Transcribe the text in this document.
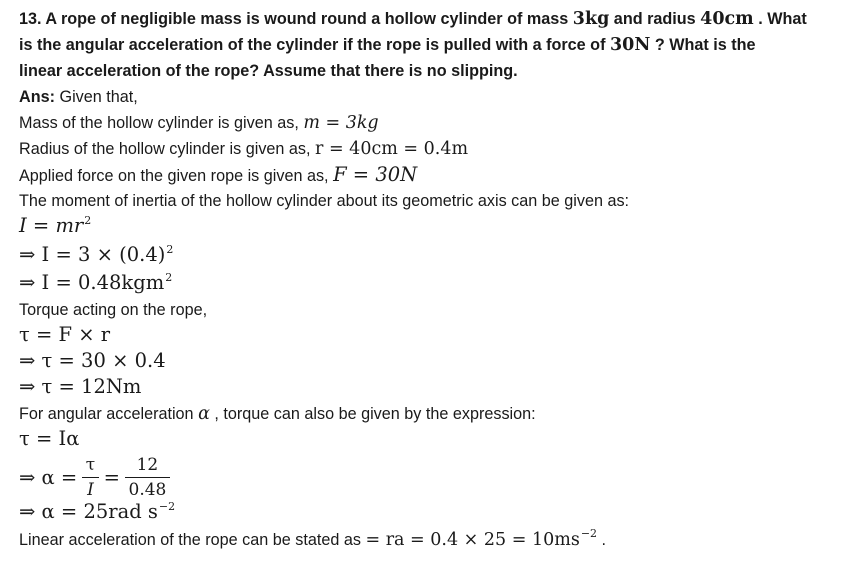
13. A rope of negligible mass is wound round a hollow cylinder of mass 3kg and radius 40cm . What
is the angular acceleration of the cylinder if the rope is pulled with a force of 30N ? What is the
linear acceleration of the rope? Assume that there is no slipping.
Ans: Given that,
Mass of the hollow cylinder is given as, m = 3kg
Radius of the hollow cylinder is given as, r = 40cm = 0.4m
Applied force on the given rope is given as, F = 30N
The moment of inertia of the hollow cylinder about its geometric axis can be given as:
$I = mr^2$
⇒ $I = 3 \times (0.4)^2$
⇒ I = 0.48kgm$^2$
Torque acting on the rope,
τ = F × r
⇒ τ = 30 × 0.4
⇒ τ = 12Nm
For angular acceleration α , torque can also be given by the expression:
τ = Iα
⇒ $\alpha = \frac{\tau}{I} = \frac{12}{0.48}$
⇒ α = 25rad $s^{-2}$
Linear acceleration of the rope can be stated as = ra = $0.4 \times 25 = 10ms^{-2}$ .
